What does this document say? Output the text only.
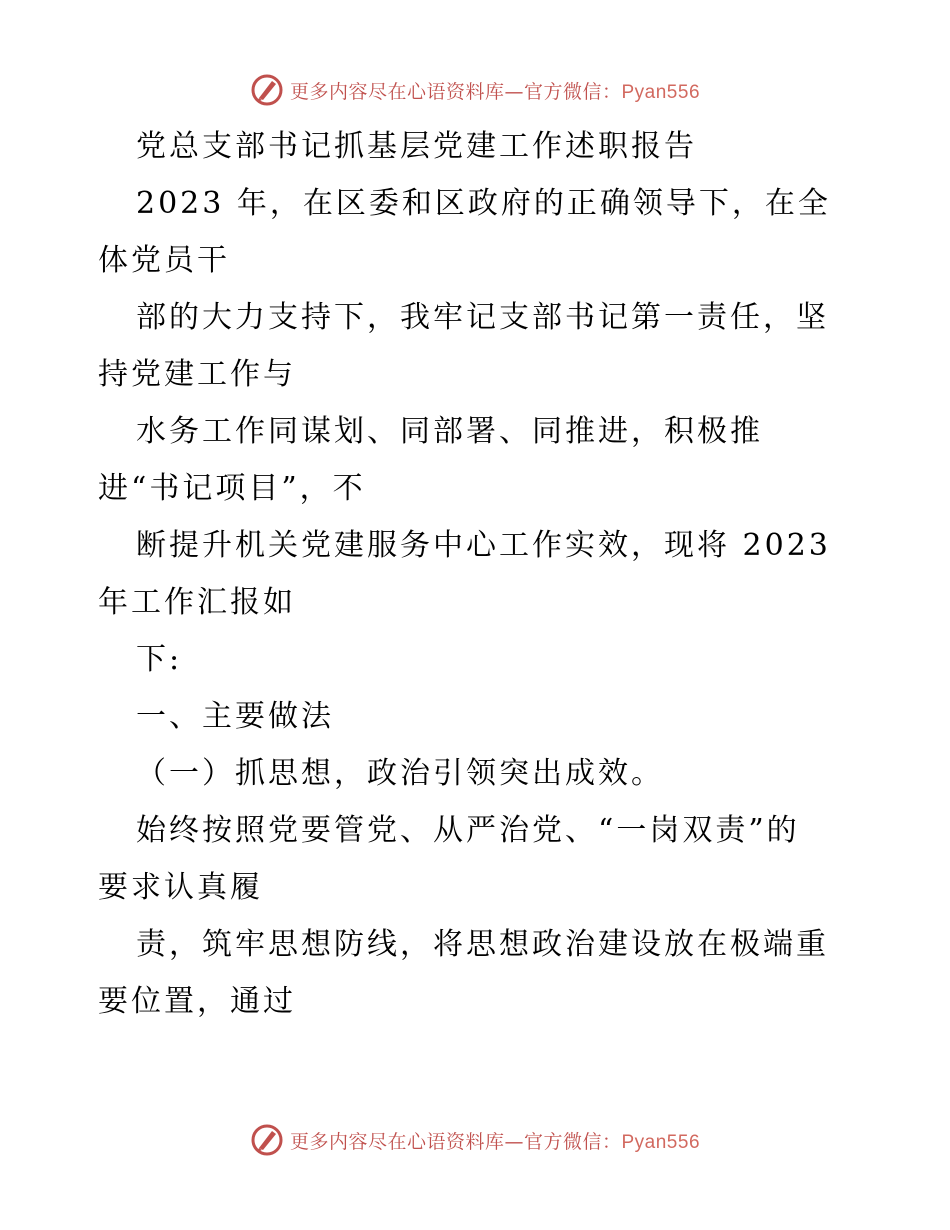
更多内容尽在心语资料库—官方微信：Pyan556
党总支部书记抓基层党建工作述职报告
2023 年，在区委和区政府的正确领导下，在全
体党员干
部的大力支持下，我牢记支部书记第一责任，坚
持党建工作与
水务工作同谋划、同部署、同推进，积极推
进“书记项目”，不
断提升机关党建服务中心工作实效，现将 2023
年工作汇报如
下:
一、主要做法
（一）抓思想，政治引领突出成效。
始终按照党要管党、从严治党、“一岗双责”的
要求认真履
责，筑牢思想防线，将思想政治建设放在极端重
要位置，通过
更多内容尽在心语资料库—官方微信：Pyan556
